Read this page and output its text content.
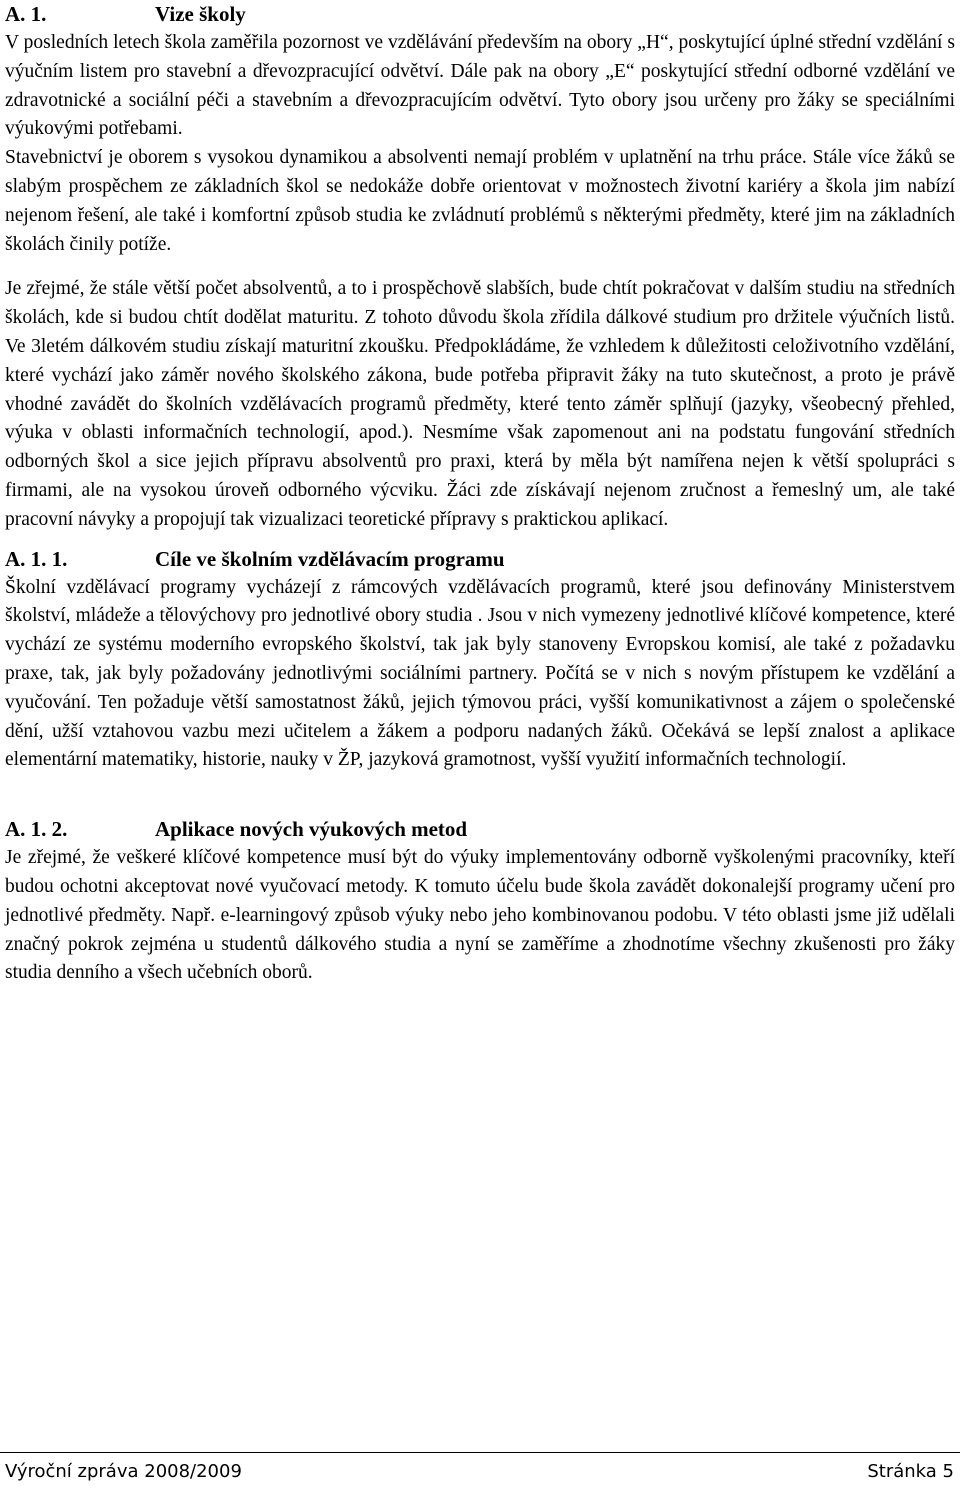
A. 1.	Vize školy

V posledních letech škola zaměřila pozornost ve vzdělávání především na obory „H“, poskytující úplné střední vzdělání s výučním listem pro stavební a dřevozpracující odvětví. Dále pak na obory „E“ poskytující střední odborné vzdělání ve zdravotnické a sociální péči a stavebním a dřevozpracujícím odvětví. Tyto obory jsou určeny pro žáky se speciálními výukovými potřebami.

Stavebnictví je oborem s vysokou dynamikou a absolventi nemají problém v uplatnění na trhu práce. Stále více žáků se slabým prospěchem ze základních škol se nedokáže dobře orientovat v možnostech životní kariéry a škola jim nabízí nejenom řešení, ale také i komfortní způsob studia ke zvládnutí problémů s některými předměty, které jim na základních školách činily potíže.

Je zřejmé, že stále větší počet absolventů, a to i prospěchově slabších, bude chtít pokračovat v dalším studiu na středních školách, kde si budou chtít dodělat maturitu. Z tohoto důvodu škola zřídila dálkové studium pro držitele výučních listů. Ve 3letém dálkovém studiu získají maturitní zkoušku. Předpokládáme, že vzhledem k důležitosti celoživotního vzdělání, které vychází jako záměr nového školského zákona, bude potřeba připravit žáky na tuto skutečnost, a proto je právě vhodné zavádět do školních vzdělávacích programů předměty, které tento záměr splňují (jazyky, všeobecný přehled, výuka v oblasti informačních technologií, apod.). Nesmíme však zapomenout ani na podstatu fungování středních odborných škol a sice jejich přípravu absolventů pro praxi, která by měla být namířena nejen k větší spolupráci s firmami, ale na vysokou úroveň odborného výcviku. Žáci zde získávají nejenom zručnost a řemeslný um, ale také pracovní návyky a propojují tak vizualizaci teoretické přípravy s praktickou aplikací.

A. 1. 1.	Cíle ve školním vzdělávacím programu

Školní vzdělávací programy vycházejí z rámcových vzdělávacích programů, které jsou definovány Ministerstvem školství, mládeže a tělovýchovy pro jednotlivé obory studia . Jsou v nich vymezeny jednotlivé klíčové kompetence, které vychází ze systému moderního evropského školství, tak jak byly stanoveny Evropskou komisí, ale také z požadavku praxe, tak, jak byly požadovány jednotlivými sociálními partnery. Počítá se v nich s novým přístupem ke vzdělání a vyučování. Ten požaduje větší samostatnost žáků, jejich týmovou práci, vyšší komunikativnost a zájem o společenské dění, užší vztahovou vazbu mezi učitelem a žákem a podporu nadaných žáků. Očekává se lepší znalost a aplikace elementární matematiky, historie, nauky v ŽP, jazyková gramotnost, vyšší využití informačních technologií.

A. 1. 2.	Aplikace nových výukových metod

Je zřejmé, že veškeré klíčové kompetence musí být do výuky implementovány odborně vyškolenými pracovníky, kteří budou ochotni akceptovat nové vyučovací metody. K tomuto účelu bude škola zavádět dokonalejší programy učení pro jednotlivé předměty. Např. e-learningový způsob výuky nebo jeho kombinovanou podobu. V této oblasti jsme již udělali značný pokrok zejména u studentů dálkového studia a nyní se zaměříme a zhodnotíme všechny zkušenosti pro žáky studia denního a všech učebních oborů.

Výroční zpráva 2008/2009	Stránka 5
